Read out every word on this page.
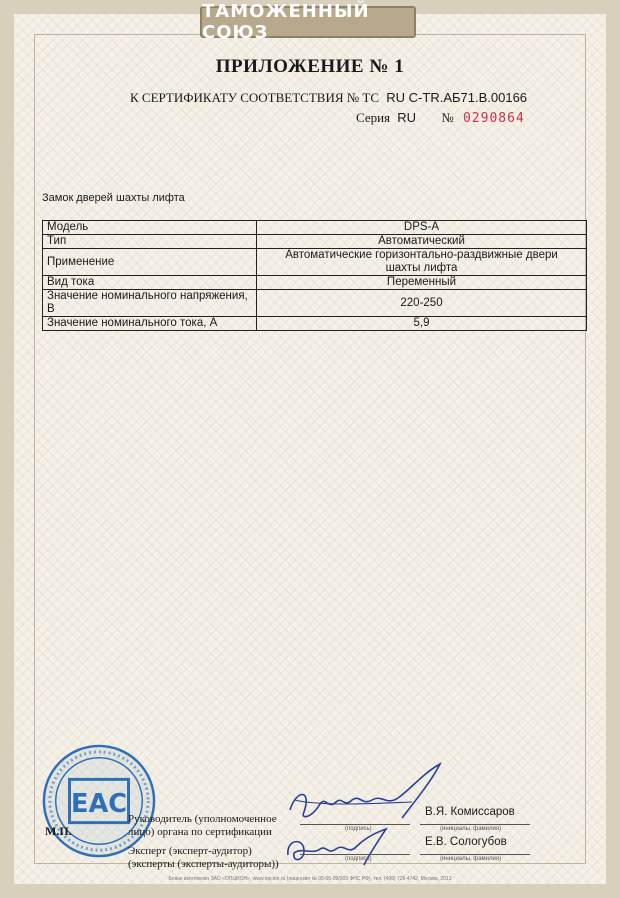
ТАМОЖЕННЫЙ СОЮЗ
ПРИЛОЖЕНИЕ № 1
К СЕРТИФИКАТУ СООТВЕТСТВИЯ № ТС RU C-TR.АБ71.В.00166
Серия RU № 0290864
Замок дверей шахты лифта
Модель	DPS-A
Тип	Автоматический
Применение	Автоматические горизонтально-раздвижные двери
шахты лифта

Вид тока	Переменный
Значение номинального напряжения, В	220-250
Значение номинального тока, А	5,9
ЕАС
М.П.
Руководитель (уполномоченное лицо) органа по сертификации
Эксперт (эксперт-аудитор) (эксперты (эксперты-аудиторы))
(подпись)
В.Я. Комиссаров
(инициалы, фамилия)
(подпись)
Е.В. Сологубов
(инициалы, фамилия)
Бланк изготовлен ЗАО «ОПЦИОН», www.opcion.ru (лицензия № 05-05-09/003 ФНС РФ), тел. (495) 726 4742, Москва, 2013
